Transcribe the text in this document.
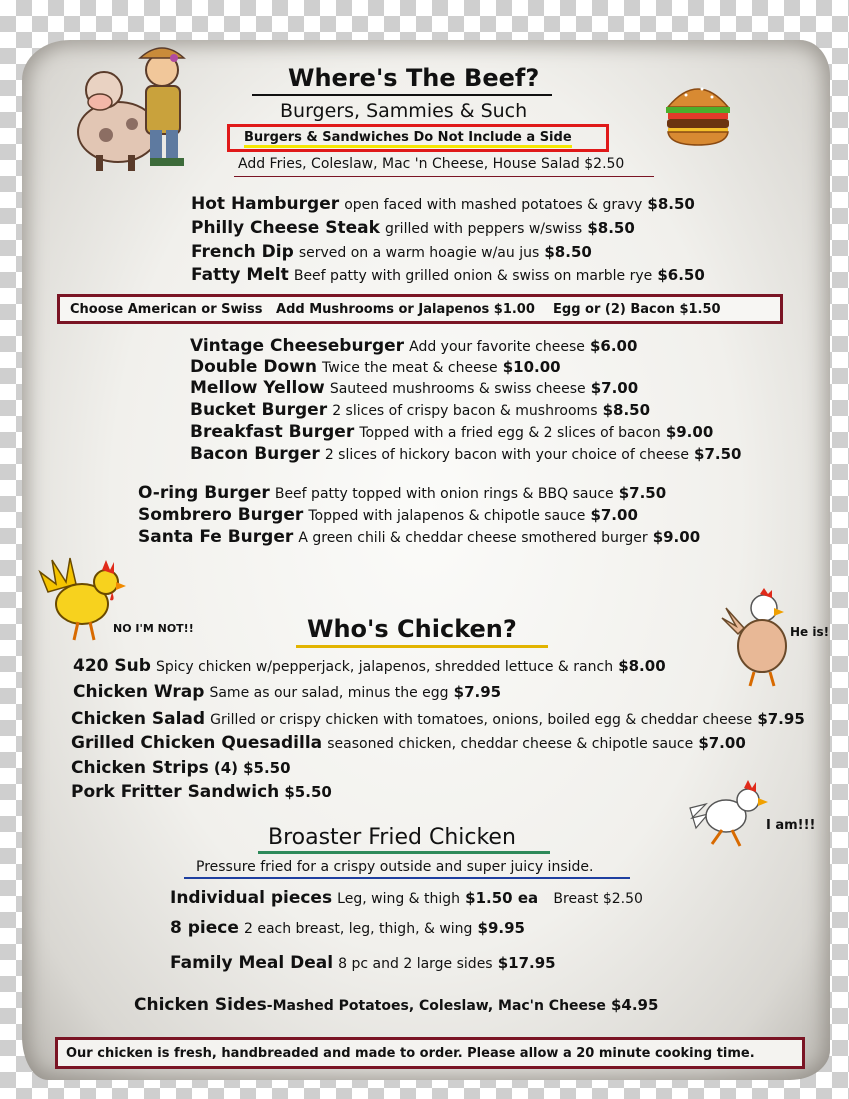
Where's The Beef?
Burgers, Sammies & Such
Burgers & Sandwiches Do Not Include a Side
Add Fries, Coleslaw, Mac 'n Cheese, House Salad $2.50
Hot Hamburger open faced with mashed potatoes & gravy $8.50
Philly Cheese Steak grilled with peppers w/swiss $8.50
French Dip served on a warm hoagie w/au jus $8.50
Fatty Melt Beef patty with grilled onion & swiss on marble rye $6.50
Choose American or Swiss   Add Mushrooms or Jalapenos $1.00    Egg or (2) Bacon $1.50
Vintage Cheeseburger Add your favorite cheese $6.00
Double Down Twice the meat & cheese $10.00
Mellow Yellow Sauteed mushrooms & swiss cheese $7.00
Bucket Burger 2 slices of crispy bacon & mushrooms $8.50
Breakfast Burger Topped with a fried egg & 2 slices of bacon $9.00
Bacon Burger 2 slices of hickory bacon with your choice of cheese $7.50
O-ring Burger Beef patty topped with onion rings & BBQ sauce $7.50
Sombrero Burger Topped with jalapenos & chipotle sauce $7.00
Santa Fe Burger A green chili & cheddar cheese smothered burger $9.00
NO I'M NOT!!	Who's Chicken?	He is!
420 Sub Spicy chicken w/pepperjack, jalapenos, shredded lettuce & ranch $8.00
Chicken Wrap Same as our salad, minus the egg $7.95
Chicken Salad Grilled or crispy chicken with tomatoes, onions, boiled egg & cheddar cheese $7.95
Grilled Chicken Quesadilla seasoned chicken, cheddar cheese & chipotle sauce $7.00
Chicken Strips (4) $5.50
Pork Fritter Sandwich $5.50
I am!!!
Broaster Fried Chicken
Pressure fried for a crispy outside and super juicy inside.
Individual pieces Leg, wing & thigh $1.50 ea Breast $2.50
8 piece 2 each breast, leg, thigh, & wing $9.95
Family Meal Deal 8 pc and 2 large sides $17.95
Chicken Sides-Mashed Potatoes, Coleslaw, Mac'n Cheese $4.95
Our chicken is fresh, handbreaded and made to order. Please allow a 20 minute cooking time.
